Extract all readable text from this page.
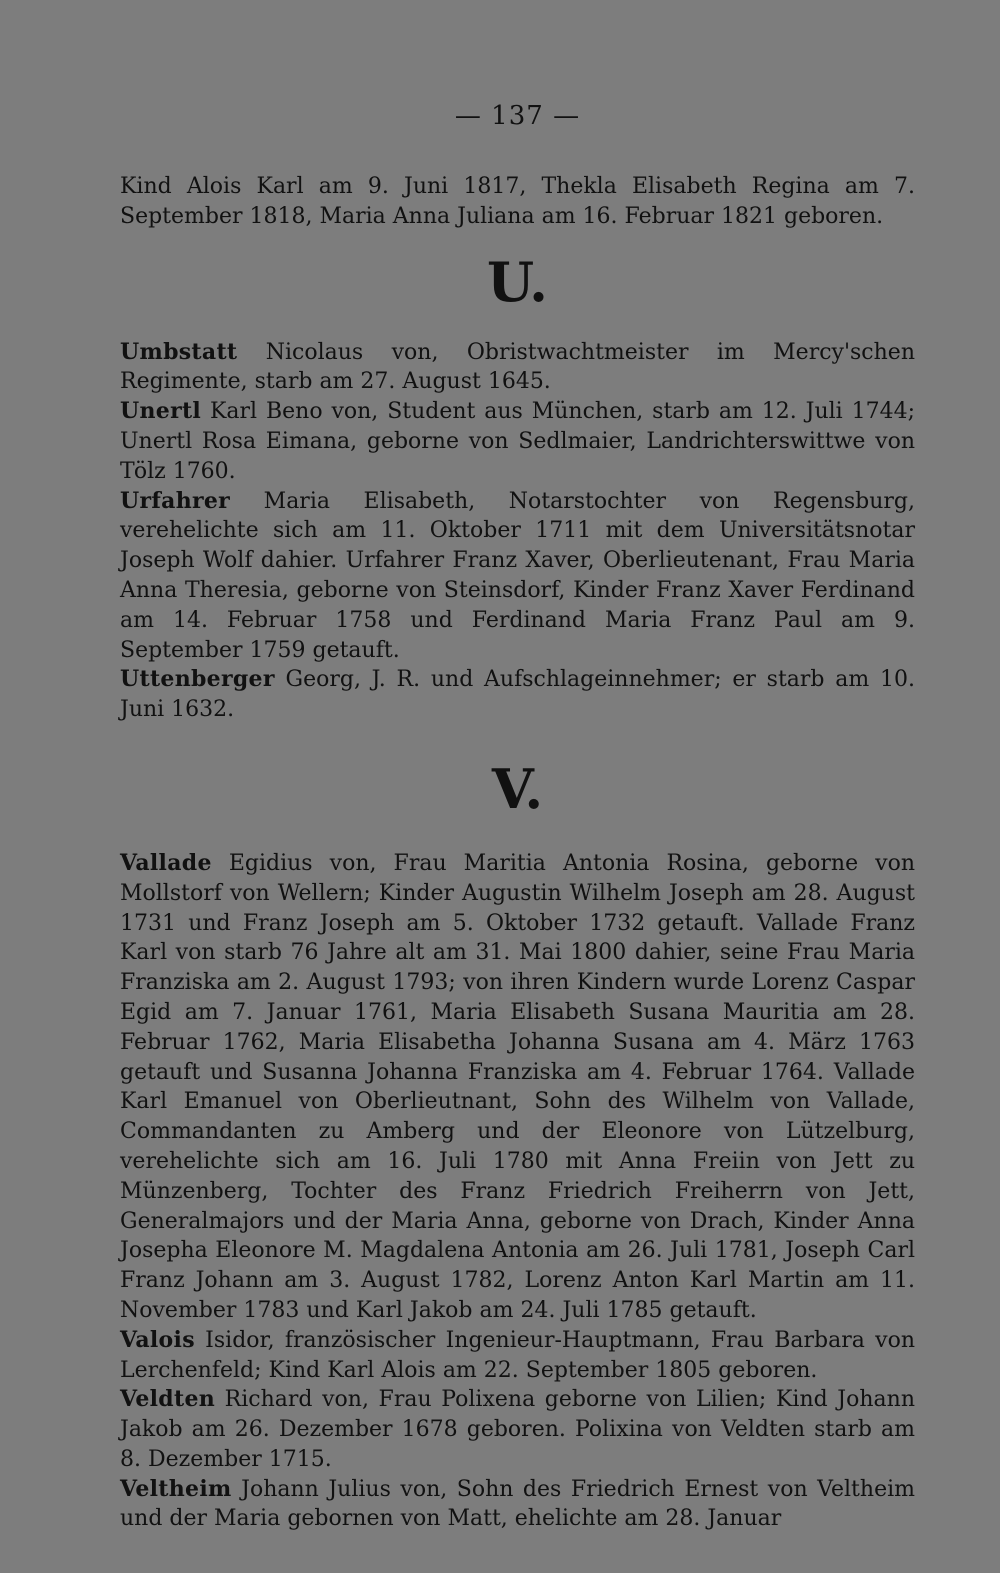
— 137 —

Kind Alois Karl am 9. Juni 1817, Thekla Elisabeth Regina am 7. September 1818, Maria Anna Juliana am 16. Februar 1821 geboren.

U.

Umbstatt Nicolaus von, Obristwachtmeister im Mercy'schen Regimente, starb am 27. August 1645.

Unertl Karl Beno von, Student aus München, starb am 12. Juli 1744; Unertl Rosa Eimana, geborne von Sedlmaier, Landrichterswittwe von Tölz 1760.

Urfahrer Maria Elisabeth, Notarstochter von Regensburg, verehelichte sich am 11. Oktober 1711 mit dem Universitätsnotar Joseph Wolf dahier. Urfahrer Franz Xaver, Oberlieutenant, Frau Maria Anna Theresia, geborne von Steinsdorf, Kinder Franz Xaver Ferdinand am 14. Februar 1758 und Ferdinand Maria Franz Paul am 9. September 1759 getauft.

Uttenberger Georg, J. R. und Aufschlageinnehmer; er starb am 10. Juni 1632.

V.

Vallade Egidius von, Frau Maritia Antonia Rosina, geborne von Mollstorf von Wellern; Kinder Augustin Wilhelm Joseph am 28. August 1731 und Franz Joseph am 5. Oktober 1732 getauft. Vallade Franz Karl von starb 76 Jahre alt am 31. Mai 1800 dahier, seine Frau Maria Franziska am 2. August 1793; von ihren Kindern wurde Lorenz Caspar Egid am 7. Januar 1761, Maria Elisabeth Susana Mauritia am 28. Februar 1762, Maria Elisabetha Johanna Susana am 4. März 1763 getauft und Susanna Johanna Franziska am 4. Februar 1764. Vallade Karl Emanuel von Oberlieutnant, Sohn des Wilhelm von Vallade, Commandanten zu Amberg und der Eleonore von Lützelburg, verehelichte sich am 16. Juli 1780 mit Anna Freiin von Jett zu Münzenberg, Tochter des Franz Friedrich Freiherrn von Jett, Generalmajors und der Maria Anna, geborne von Drach, Kinder Anna Josepha Eleonore M. Magdalena Antonia am 26. Juli 1781, Joseph Carl Franz Johann am 3. August 1782, Lorenz Anton Karl Martin am 11. November 1783 und Karl Jakob am 24. Juli 1785 getauft.

Valois Isidor, französischer Ingenieur-Hauptmann, Frau Barbara von Lerchenfeld; Kind Karl Alois am 22. September 1805 geboren.

Veldten Richard von, Frau Polixena geborne von Lilien; Kind Johann Jakob am 26. Dezember 1678 geboren. Polixina von Veldten starb am 8. Dezember 1715.

Veltheim Johann Julius von, Sohn des Friedrich Ernest von Veltheim und der Maria gebornen von Matt, ehelichte am 28. Januar
